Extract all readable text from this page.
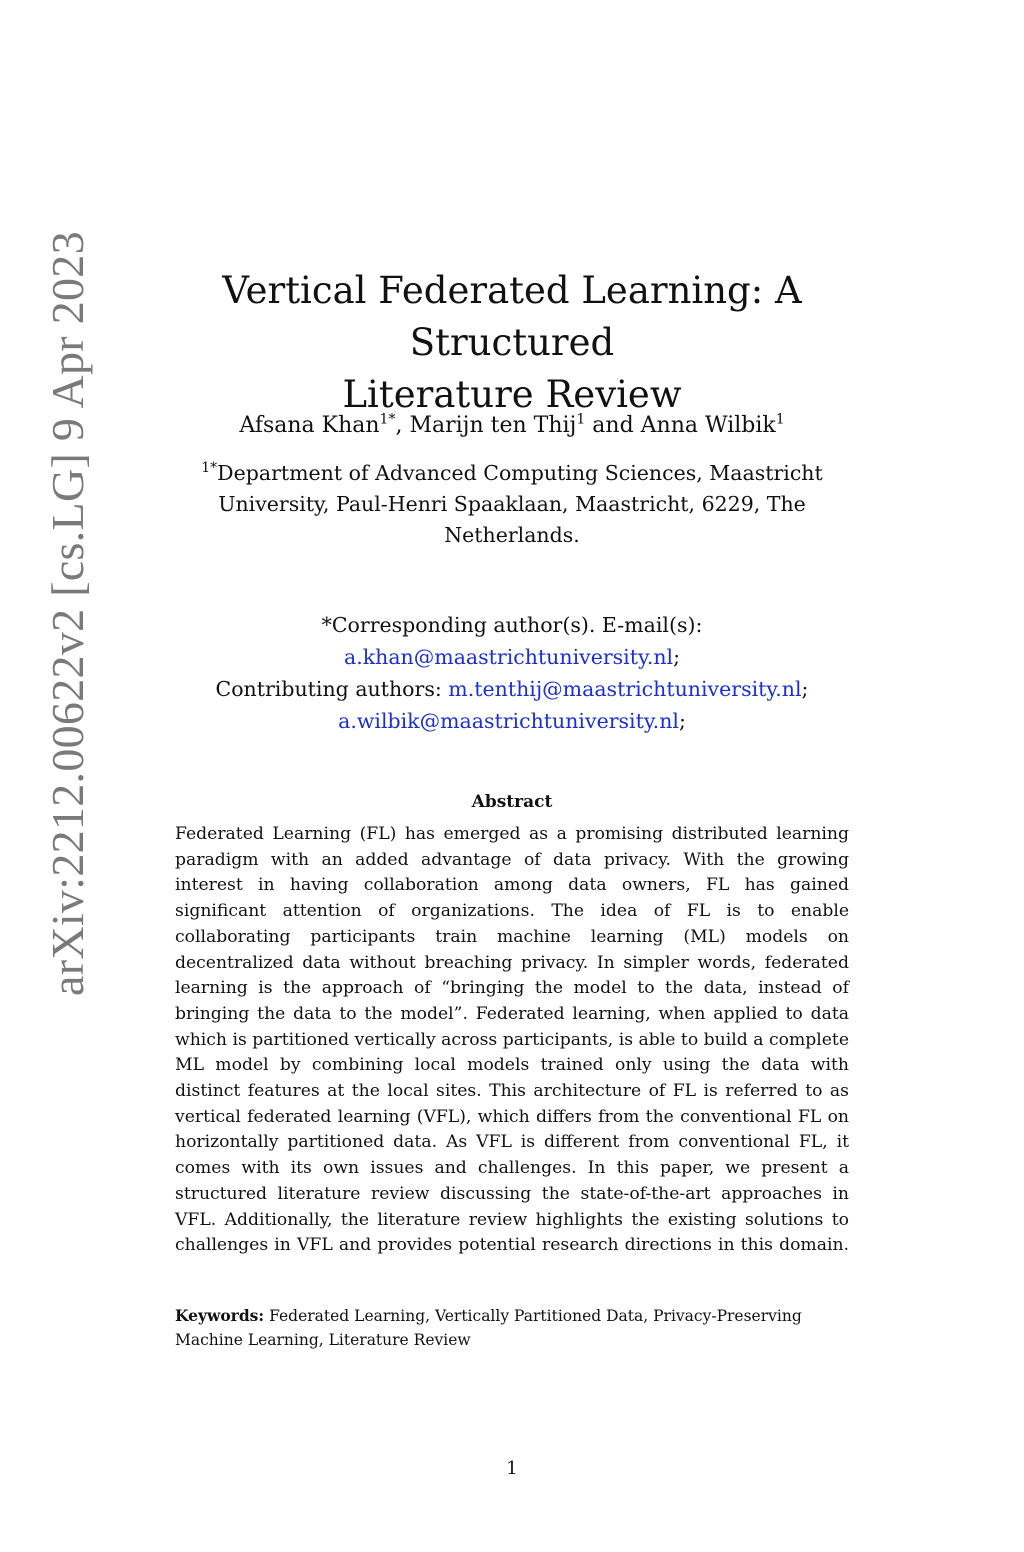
arXiv:2212.00622v2 [cs.LG] 9 Apr 2023	Vertical Federated Learning: A Structured
Literature Review
Afsana Khan$^{1*}$, Marijn ten Thij$^1$ and Anna Wilbik$^1$
$^{1*}$Department of Advanced Computing Sciences, Maastricht University, Paul-Henri Spaaklaan, Maastricht, 6229, The Netherlands.
*Corresponding author(s). E-mail(s):
a.khan@maastrichtuniversity.nl;
Contributing authors: m.tenthij@maastrichtuniversity.nl;
a.wilbik@maastrichtuniversity.nl;
Abstract

Federated Learning (FL) has emerged as a promising distributed learning paradigm with an added advantage of data privacy. With the growing interest in having collaboration among data owners, FL has gained significant attention of organizations. The idea of FL is to enable collaborating participants train machine learning (ML) models on decentralized data without breaching privacy. In simpler words, federated learning is the approach of “bringing the model to the data, instead of bringing the data to the model”. Federated learning, when applied to data which is partitioned vertically across participants, is able to build a complete ML model by combining local models trained only using the data with distinct features at the local sites. This architecture of FL is referred to as vertical federated learning (VFL), which differs from the conventional FL on horizontally partitioned data. As VFL is different from conventional FL, it comes with its own issues and challenges. In this paper, we present a structured literature review discussing the state-of-the-art approaches in VFL. Additionally, the literature review highlights the existing solutions to challenges in VFL and provides potential research directions in this domain.

Keywords: Federated Learning, Vertically Partitioned Data, Privacy-Preserving Machine Learning, Literature Review
1
